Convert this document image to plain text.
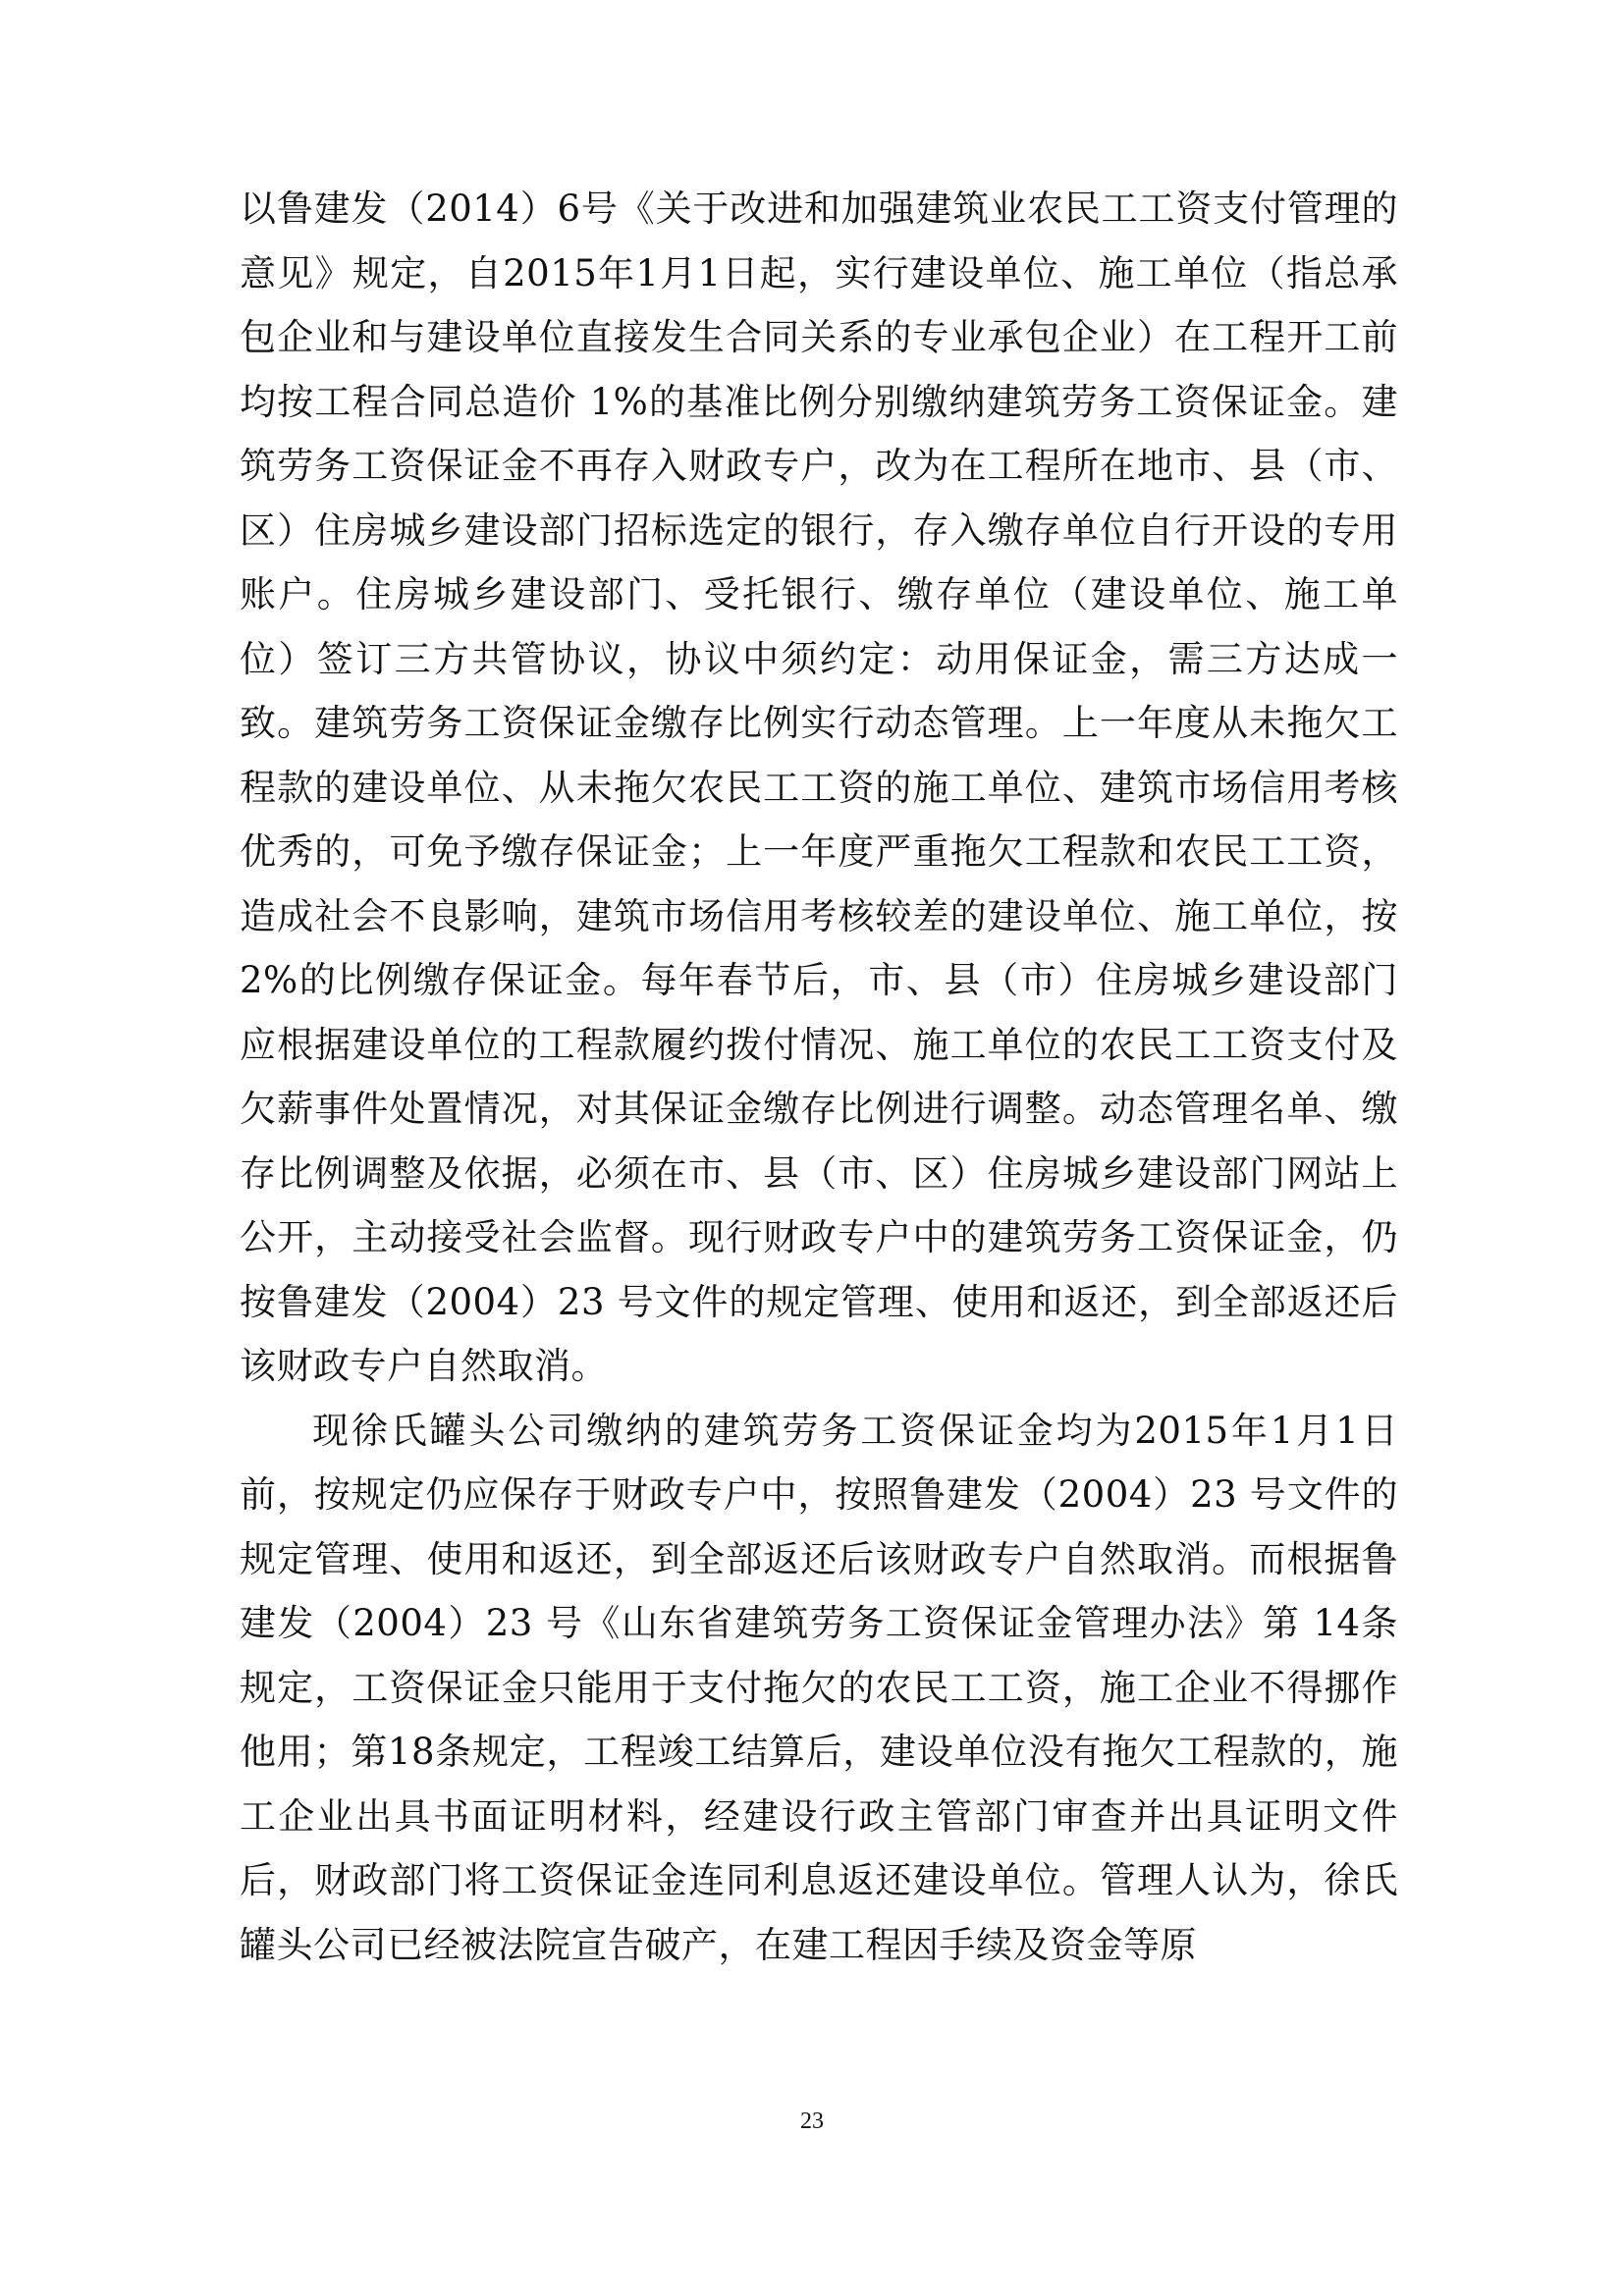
以鲁建发（2014）6号《关于改进和加强建筑业农民工工资支付管理的意见》规定，自2015年1月1日起，实行建设单位、施工单位（指总承包企业和与建设单位直接发生合同关系的专业承包企业）在工程开工前均按工程合同总造价 1%的基准比例分别缴纳建筑劳务工资保证金。建筑劳务工资保证金不再存入财政专户，改为在工程所在地市、县（市、区）住房城乡建设部门招标选定的银行，存入缴存单位自行开设的专用账户。住房城乡建设部门、受托银行、缴存单位（建设单位、施工单位）签订三方共管协议，协议中须约定：动用保证金，需三方达成一致。建筑劳务工资保证金缴存比例实行动态管理。上一年度从未拖欠工程款的建设单位、从未拖欠农民工工资的施工单位、建筑市场信用考核优秀的，可免予缴存保证金；上一年度严重拖欠工程款和农民工工资，造成社会不良影响，建筑市场信用考核较差的建设单位、施工单位，按2%的比例缴存保证金。每年春节后，市、县（市）住房城乡建设部门应根据建设单位的工程款履约拨付情况、施工单位的农民工工资支付及欠薪事件处置情况，对其保证金缴存比例进行调整。动态管理名单、缴存比例调整及依据，必须在市、县（市、区）住房城乡建设部门网站上公开，主动接受社会监督。现行财政专户中的建筑劳务工资保证金，仍按鲁建发（2004）23 号文件的规定管理、使用和返还，到全部返还后该财政专户自然取消。

现徐氏罐头公司缴纳的建筑劳务工资保证金均为2015年1月1日前，按规定仍应保存于财政专户中，按照鲁建发（2004）23 号文件的规定管理、使用和返还，到全部返还后该财政专户自然取消。而根据鲁建发（2004）23 号《山东省建筑劳务工资保证金管理办法》第 14条规定，工资保证金只能用于支付拖欠的农民工工资，施工企业不得挪作他用；第18条规定，工程竣工结算后，建设单位没有拖欠工程款的，施工企业出具书面证明材料，经建设行政主管部门审查并出具证明文件后，财政部门将工资保证金连同利息返还建设单位。管理人认为，徐氏罐头公司已经被法院宣告破产，在建工程因手续及资金等原

23
